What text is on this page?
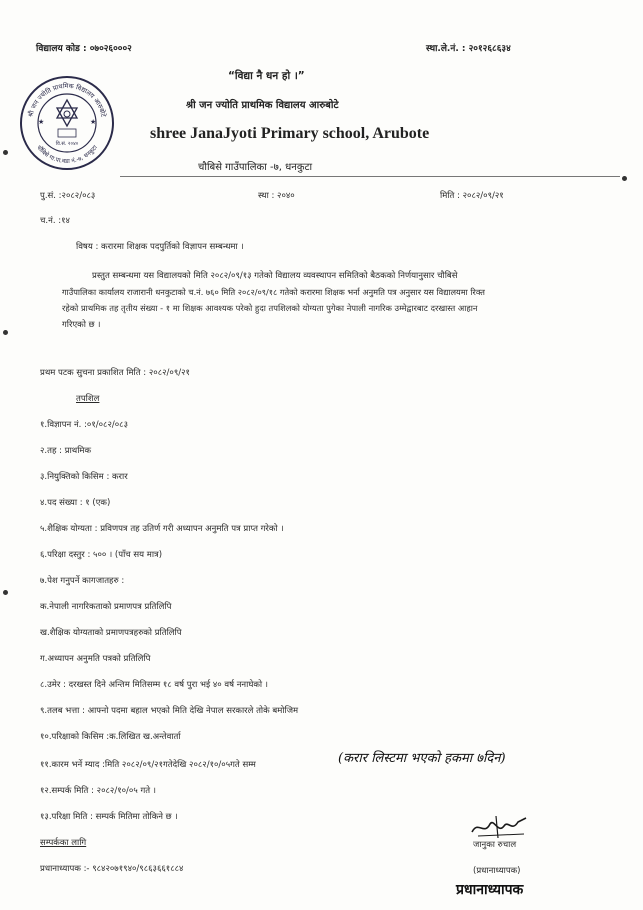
विद्यालय कोड : ०७०२६०००२	स्था.ले.नं. : २०१२६८६३४
“विद्या नै धन हो ।”
श्री जन ज्योति प्राथमिक विद्यालय आरुबोटे
shree JanaJyoti Primary school, Arubote
चौबिसे गाउँपालिका -७, धनकुटा
श्री जन ज्योति प्राथमिक विद्यालय आरुबोटे
चौबिसे गा.पा.वडा नं.-७, धनकुटा
वि.सं. २०४०
★	★
पु.सं. :२०८२/०८३	स्था : २०४०	मिति : २०८२/०९/२१
च.नं. :१४
विषय : करारमा शिक्षक पदपुर्तिको विज्ञापन सम्बन्धमा ।
प्रस्तुत सम्बन्धमा यस विद्यालयको मिति २०८२/०९/१३ गतेको विद्यालय व्यवस्थापन समितिको बैठकको निर्णयानुसार चौबिसे
गाउँपालिका कार्यालय राजारानी धनकुटाको च.नं. ७६० मिति २०८२/०९/१८ गतेको करारमा शिक्षक भर्ना अनुमति पत्र अनुसार यस विद्यालयमा रिक्त
रहेको प्राथमिक तह तृतीय संख्या - १ मा शिक्षक आवश्यक परेको हुदा तपशिलको योग्यता पुगेका नेपाली नागरिक उम्मेद्वारबाट दरखास्त आहान
गरिएको छ ।
प्रथम पटक सुचना प्रकाशित मिति : २०८२/०९/२१
तपशिल
१.विज्ञापन नं. :०१/०८२/०८३
२.तह : प्राथमिक
३.नियुक्तिको किसिम : करार
४.पद संख्या : १ (एक)
५.शैक्षिक योग्यता : प्रविणपत्र तह उतिर्ण गरी अध्यापन अनुमति पत्र प्राप्त गरेको ।
६.परिक्षा दस्तुर : ५०० । (पाँच सय मात्र)
७.पेश गनुपर्ने कागजातहरु :
क.नेपाली नागरिकताको प्रमाणपत्र प्रतिलिपि
ख.शैक्षिक योग्यताको प्रमाणपत्रहरुको प्रतिलिपि
ग.अध्यापन अनुमति पत्रको प्रतिलिपि
८.उमेर : दरखस्त दिने अन्तिम मितिसम्म १८ वर्ष पुरा भई ४० वर्ष ननाघेको ।
९.तलब भत्ता : आफ्नो पदमा बहाल भएको मिति देखि नेपाल सरकारले तोके बमोजिम
१०.परिक्षाको किसिम :क.लिखित ख.अन्तेवार्ता
११.कारम भर्ने म्याद :मिति २०८२/०९/२१गतेदेखि २०८२/१०/०५गते सम्म	(करार लिस्टमा भएको हकमा ७दिन)
१२.सम्पर्क मिति : २०८२/१०/०५ गते ।
१३.परिक्षा मिति : सम्पर्क मितिमा तोकिने छ ।
सम्पर्कका लागि
प्रधानाध्यापक :- ९८४२०७१९४०/९८६३६६१८८४
जानुका रुचाल
(प्रधानाध्यापक)
प्रधानाध्यापक
